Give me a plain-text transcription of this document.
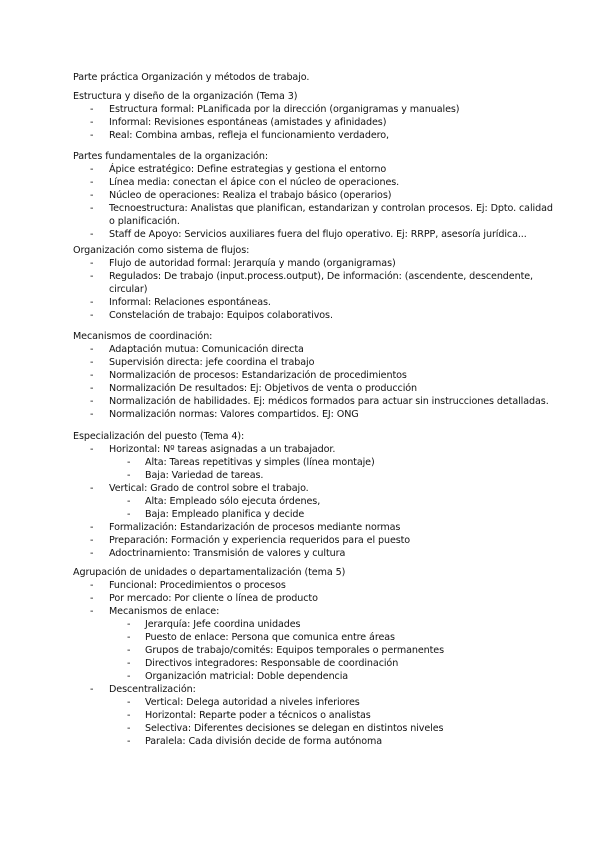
Parte práctica Organización y métodos de trabajo.
Estructura y diseño de la organización (Tema 3)
- Estructura formal: PLanificada por la dirección (organigramas y manuales)
- Informal: Revisiones espontáneas (amistades y afinidades)
- Real: Combina ambas, refleja el funcionamiento verdadero,
Partes fundamentales de la organización:
- Ápice estratégico: Define estrategias y gestiona el entorno
- Línea media: conectan el ápice con el núcleo de operaciones.
- Núcleo de operaciones: Realiza el trabajo básico (operarios)
- Tecnoestructura: Analistas que planifican, estandarizan y controlan procesos. Ej: Dpto. calidad o planificación.
- Staff de Apoyo: Servicios auxiliares fuera del flujo operativo. Ej: RRPP, asesoría jurídica...
Organización como sistema de flujos:
- Flujo de autoridad formal: Jerarquía y mando (organigramas)
- Regulados: De trabajo (input.process.output), De información: (ascendente, descendente, circular)
- Informal: Relaciones espontáneas.
- Constelación de trabajo: Equipos colaborativos.
Mecanismos de coordinación:
- Adaptación mutua: Comunicación directa
- Supervisión directa: jefe coordina el trabajo
- Normalización de procesos: Estandarización de procedimientos
- Normalización De resultados: Ej: Objetivos de venta o producción
- Normalización de habilidades. Ej: médicos formados para actuar sin instrucciones detalladas.
- Normalización normas: Valores compartidos. EJ: ONG
Especialización del puesto (Tema 4):
- Horizontal: Nº tareas asignadas a un trabajador.
- Alta: Tareas repetitivas y simples (línea montaje)
- Baja: Variedad de tareas.
- Vertical: Grado de control sobre el trabajo.
- Alta: Empleado sólo ejecuta órdenes,
- Baja: Empleado planifica y decide
- Formalización: Estandarización de procesos mediante normas
- Preparación: Formación y experiencia requeridos para el puesto
- Adoctrinamiento: Transmisión de valores y cultura
Agrupación de unidades o departamentalización (tema 5)
- Funcional: Procedimientos o procesos
- Por mercado: Por cliente o línea de producto
- Mecanismos de enlace:
- Jerarquía: Jefe coordina unidades
- Puesto de enlace: Persona que comunica entre áreas
- Grupos de trabajo/comités: Equipos temporales o permanentes
- Directivos integradores: Responsable de coordinación
- Organización matricial: Doble dependencia
- Descentralización:
- Vertical: Delega autoridad a niveles inferiores
- Horizontal: Reparte poder a técnicos o analistas
- Selectiva: Diferentes decisiones se delegan en distintos niveles
- Paralela: Cada división decide de forma autónoma
